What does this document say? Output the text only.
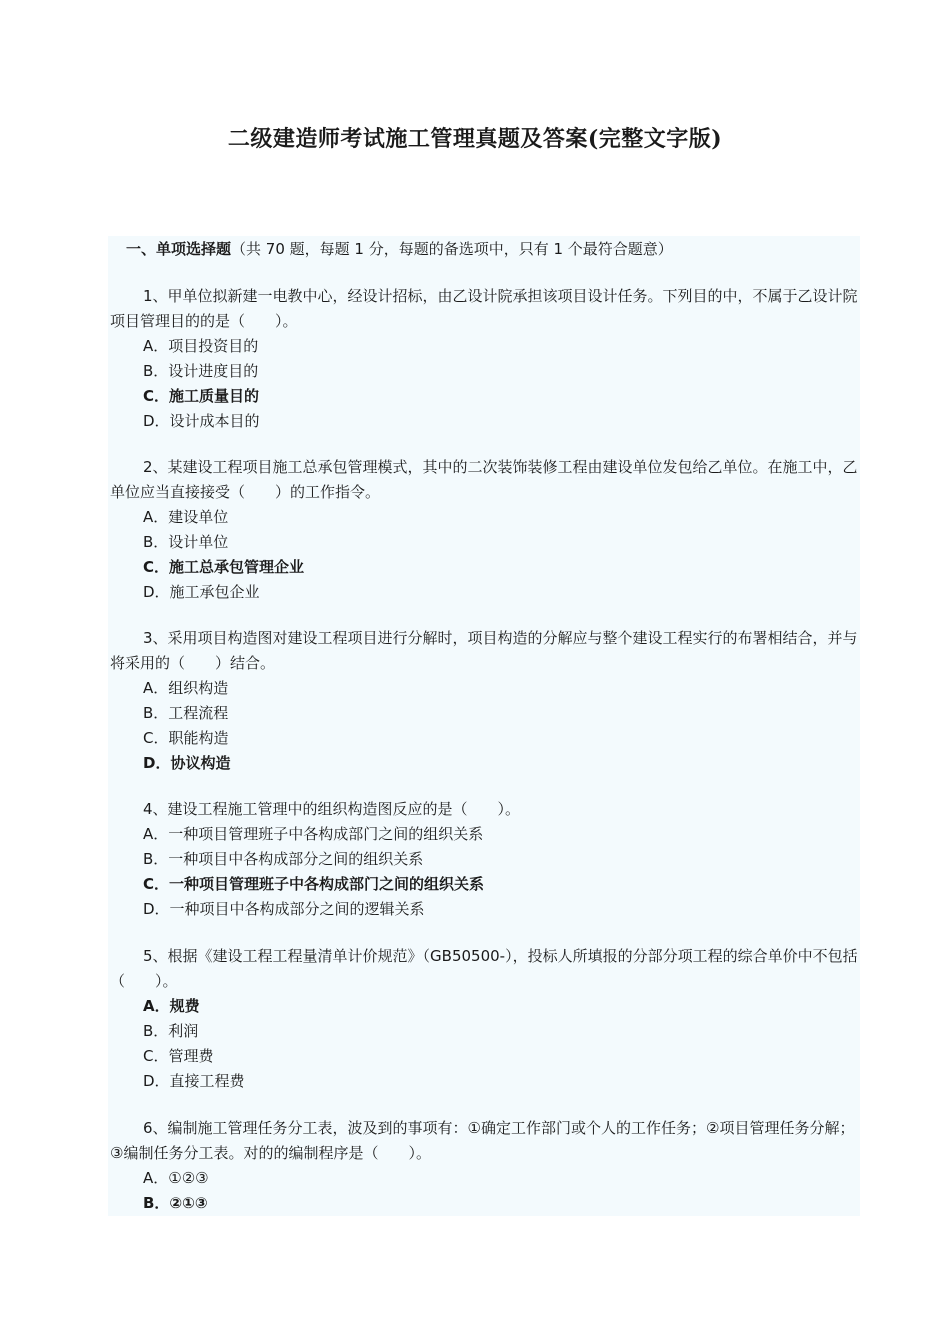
二级建造师考试施工管理真题及答案(完整文字版)
一、单项选择题（共 70 题，每题 1 分，每题的备选项中，只有 1 个最符合题意）

1、甲单位拟新建一电教中心，经设计招标，由乙设计院承担该项目设计任务。下列目的中，不属于乙设计院项目管理目的的是（　　）。

A．项目投资目的

B．设计进度目的

C．施工质量目的

D．设计成本目的

2、某建设工程项目施工总承包管理模式，其中的二次装饰装修工程由建设单位发包给乙单位。在施工中，乙单位应当直接接受（　　）的工作指令。

A．建设单位

B．设计单位

C．施工总承包管理企业

D．施工承包企业

3、采用项目构造图对建设工程项目进行分解时，项目构造的分解应与整个建设工程实行的布署相结合，并与将采用的（　　）结合。

A．组织构造

B．工程流程

C．职能构造

D．协议构造

4、建设工程施工管理中的组织构造图反应的是（　　）。

A．一种项目管理班子中各构成部门之间的组织关系

B．一种项目中各构成部分之间的组织关系

C．一种项目管理班子中各构成部门之间的组织关系

D．一种项目中各构成部分之间的逻辑关系

5、根据《建设工程工程量清单计价规范》（GB50500-），投标人所填报的分部分项工程的综合单价中不包括（　　）。

A．规费

B．利润

C．管理费

D．直接工程费

6、编制施工管理任务分工表，波及到的事项有：①确定工作部门或个人的工作任务；②项目管理任务分解；③编制任务分工表。对的的编制程序是（　　）。

A．①②③

B．②①③
